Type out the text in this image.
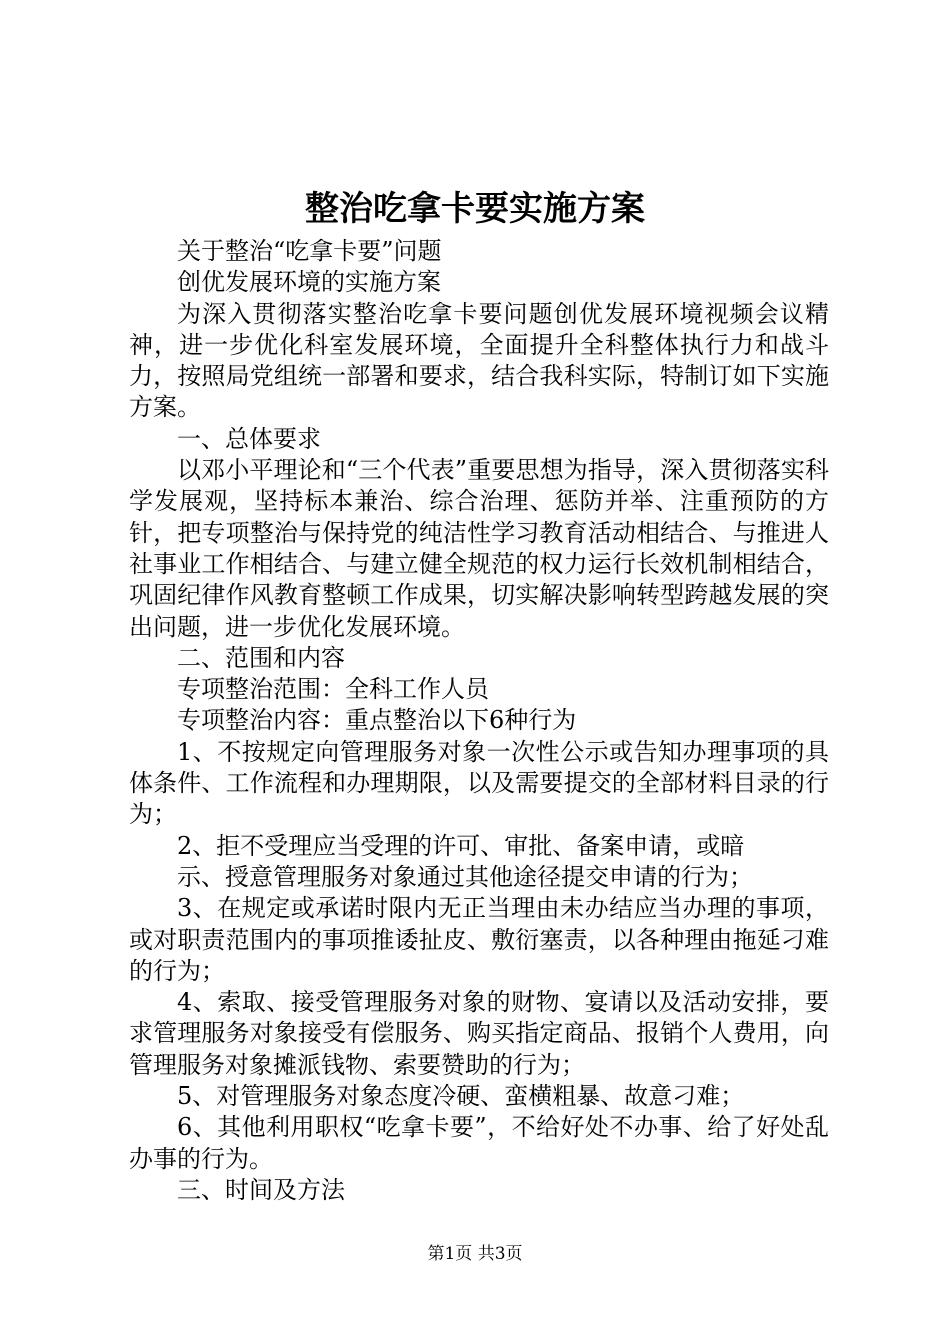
整治吃拿卡要实施方案

关于整治“吃拿卡要”问题

创优发展环境的实施方案

为深入贯彻落实整治吃拿卡要问题创优发展环境视频会议精神，进一步优化科室发展环境，全面提升全科整体执行力和战斗力，按照局党组统一部署和要求，结合我科实际，特制订如下实施方案。

一、总体要求

以邓小平理论和“三个代表”重要思想为指导，深入贯彻落实科学发展观，坚持标本兼治、综合治理、惩防并举、注重预防的方针，把专项整治与保持党的纯洁性学习教育活动相结合、与推进人社事业工作相结合、与建立健全规范的权力运行长效机制相结合，巩固纪律作风教育整顿工作成果，切实解决影响转型跨越发展的突出问题，进一步优化发展环境。

二、范围和内容

专项整治范围：全科工作人员

专项整治内容：重点整治以下6种行为

1、不按规定向管理服务对象一次性公示或告知办理事项的具体条件、工作流程和办理期限，以及需要提交的全部材料目录的行为；

2、拒不受理应当受理的许可、审批、备案申请，或暗

示、授意管理服务对象通过其他途径提交申请的行为；

3、在规定或承诺时限内无正当理由未办结应当办理的事项，或对职责范围内的事项推诿扯皮、敷衍塞责，以各种理由拖延刁难的行为；

4、索取、接受管理服务对象的财物、宴请以及活动安排，要求管理服务对象接受有偿服务、购买指定商品、报销个人费用，向管理服务对象摊派钱物、索要赞助的行为；

5、对管理服务对象态度冷硬、蛮横粗暴、故意刁难；

6、其他利用职权“吃拿卡要”，不给好处不办事、给了好处乱办事的行为。

三、时间及方法

第1页 共3页
